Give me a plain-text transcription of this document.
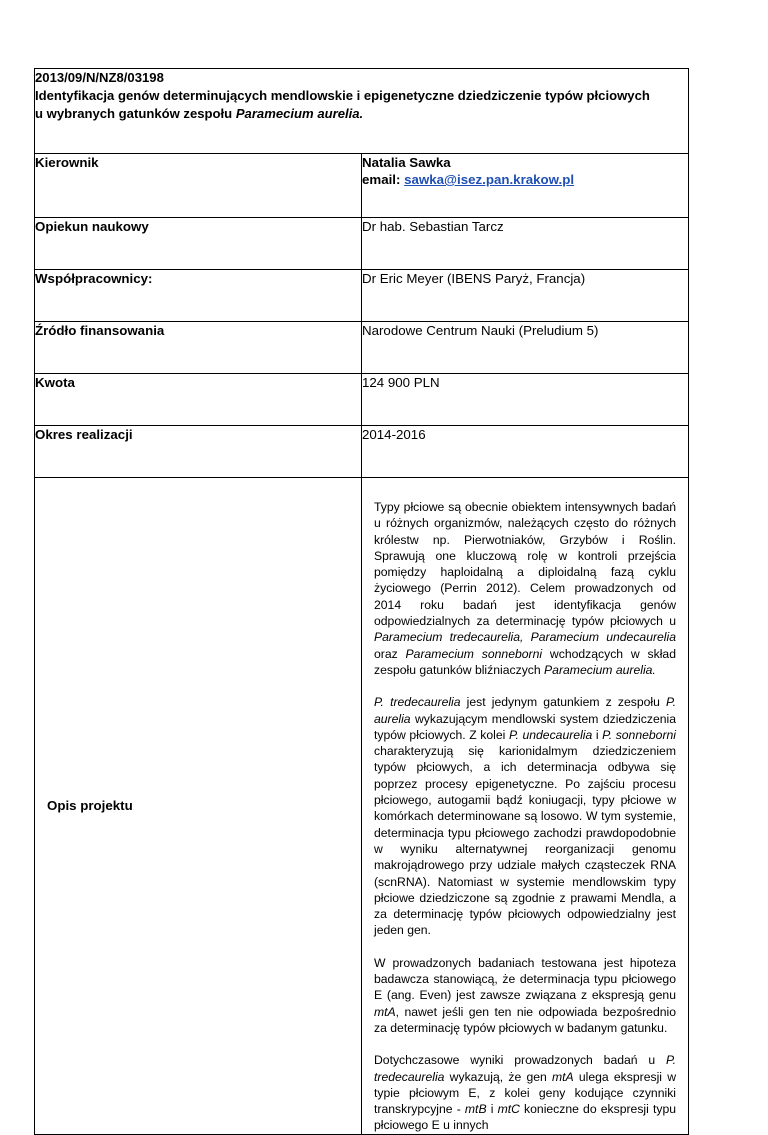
2013/09/N/NZ8/03198
Identyfikacja genów determinujących mendlowskie i epigenetyczne dziedziczenie typów płciowych
u wybranych gatunków zespołu Paramecium aurelia.	

Kierownik	Natalia Sawka
email: sawka@isez.pan.krakow.pl

Opiekun naukowy	Dr hab. Sebastian Tarcz
Współpracownicy:	Dr Eric Meyer (IBENS Paryż, Francja)
Źródło finansowania	Narodowe Centrum Nauki (Preludium 5)
Kwota	124 900 PLN
Okres realizacji	2014-2016
Opis projektu	Typy płciowe są obecnie obiektem intensywnych badań u różnych organizmów, należących często do różnych królestw np. Pierwotniaków, Grzybów i Roślin. Sprawują one kluczową rolę w kontroli przejścia pomiędzy haploidalną a diploidalną fazą cyklu życiowego (Perrin 2012). Celem prowadzonych od 2014 roku badań jest identyfikacja genów odpowiedzialnych za determinację typów płciowych u Paramecium tredecaurelia, Paramecium undecaurelia oraz Paramecium sonneborni wchodzących w skład zespołu gatunków bliźniaczych Paramecium aurelia.

P. tredecaurelia jest jedynym gatunkiem z zespołu P. aurelia wykazującym mendlowski system dziedziczenia typów płciowych. Z kolei P. undecaurelia i P. sonneborni charakteryzują się karionidalmym dziedziczeniem typów płciowych, a ich determinacja odbywa się poprzez procesy epigenetyczne. Po zajściu procesu płciowego, autogamii bądź koniugacji, typy płciowe w komórkach determinowane są losowo. W tym systemie, determinacja typu płciowego zachodzi prawdopodobnie w wyniku alternatywnej reorganizacji genomu makrojądrowego przy udziale małych cząsteczek RNA (scnRNA). Natomiast w systemie mendlowskim typy płciowe dziedziczone są zgodnie z prawami Mendla, a za determinację typów płciowych odpowiedzialny jest jeden gen.

W prowadzonych badaniach testowana jest hipoteza badawcza stanowiącą, że determinacja typu płciowego E (ang. Even) jest zawsze związana z ekspresją genu mtA, nawet jeśli gen ten nie odpowiada bezpośrednio za determinację typów płciowych w badanym gatunku.

Dotychczasowe wyniki prowadzonych badań u P. tredecaurelia wykazują, że gen mtA ulega ekspresji w typie płciowym E, z kolei geny kodujące czynniki transkrypcyjne - mtB i mtC konieczne do ekspresji typu płciowego E u innych
